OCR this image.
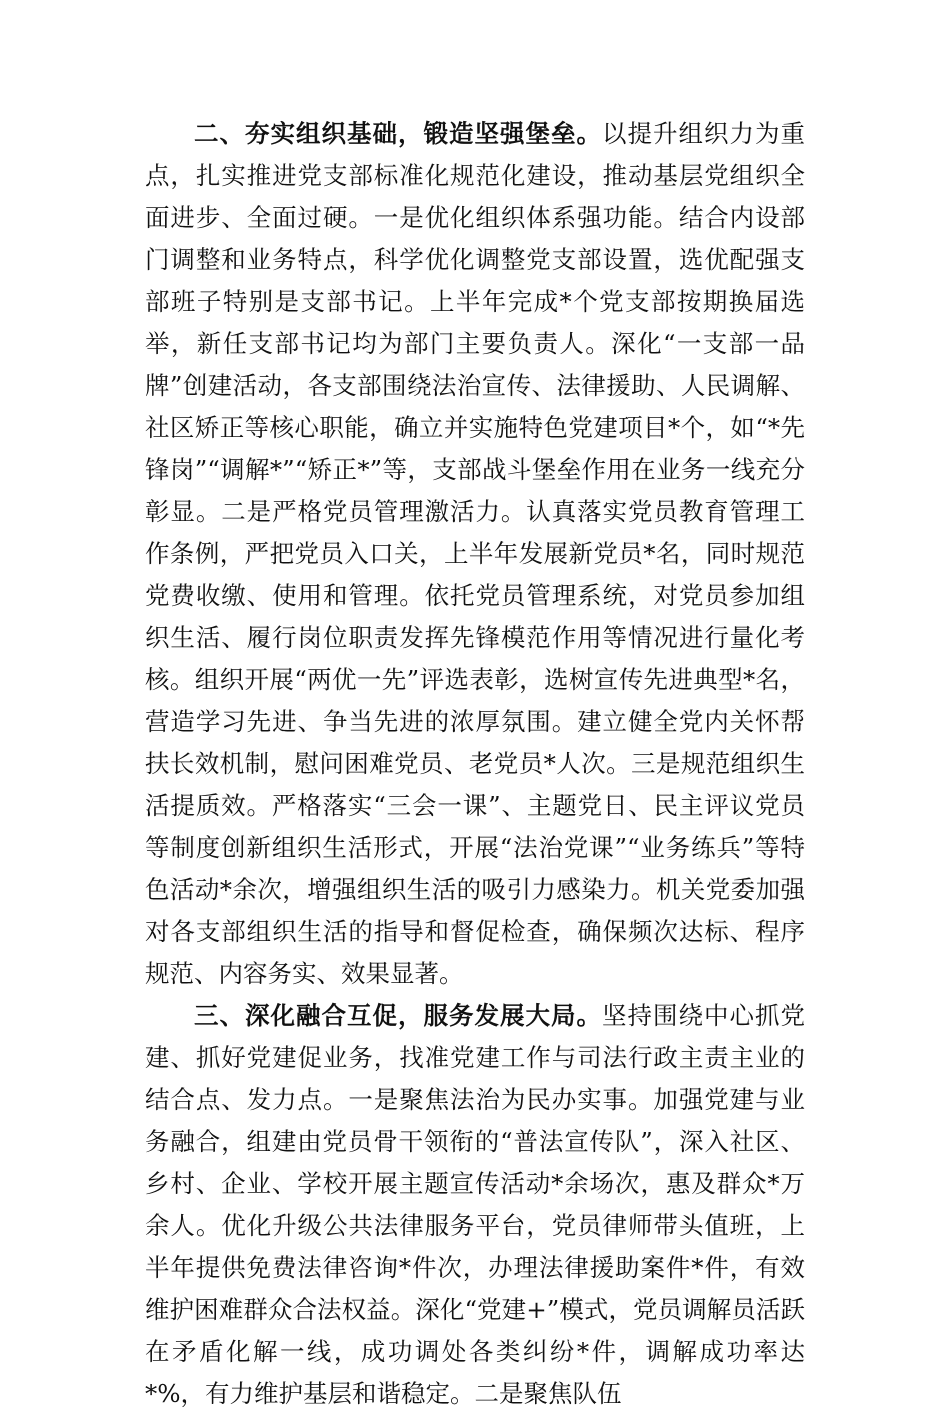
二、夯实组织基础，锻造坚强堡垒。以提升组织力为重点，扎实推进党支部标准化规范化建设，推动基层党组织全面进步、全面过硬。一是优化组织体系强功能。结合内设部门调整和业务特点，科学优化调整党支部设置，选优配强支部班子特别是支部书记。上半年完成*个党支部按期换届选举，新任支部书记均为部门主要负责人。深化“一支部一品牌”创建活动，各支部围绕法治宣传、法律援助、人民调解、社区矫正等核心职能，确立并实施特色党建项目*个，如“*先锋岗”“调解*”“矫正*”等，支部战斗堡垒作用在业务一线充分彰显。二是严格党员管理激活力。认真落实党员教育管理工作条例，严把党员入口关，上半年发展新党员*名，同时规范党费收缴、使用和管理。依托党员管理系统，对党员参加组织生活、履行岗位职责发挥先锋模范作用等情况进行量化考核。组织开展“两优一先”评选表彰，选树宣传先进典型*名，营造学习先进、争当先进的浓厚氛围。建立健全党内关怀帮扶长效机制，慰问困难党员、老党员*人次。三是规范组织生活提质效。严格落实“三会一课”、主题党日、民主评议党员等制度创新组织生活形式，开展“法治党课”“业务练兵”等特色活动*余次，增强组织生活的吸引力感染力。机关党委加强对各支部组织生活的指导和督促检查，确保频次达标、程序规范、内容务实、效果显著。

三、深化融合互促，服务发展大局。坚持围绕中心抓党建、抓好党建促业务，找准党建工作与司法行政主责主业的结合点、发力点。一是聚焦法治为民办实事。加强党建与业务融合，组建由党员骨干领衔的“普法宣传队”，深入社区、乡村、企业、学校开展主题宣传活动*余场次，惠及群众*万余人。优化升级公共法律服务平台，党员律师带头值班，上半年提供免费法律咨询*件次，办理法律援助案件*件，有效维护困难群众合法权益。深化“党建+”模式，党员调解员活跃在矛盾化解一线，成功调处各类纠纷*件，调解成功率达*%，有力维护基层和谐稳定。二是聚焦队伍
